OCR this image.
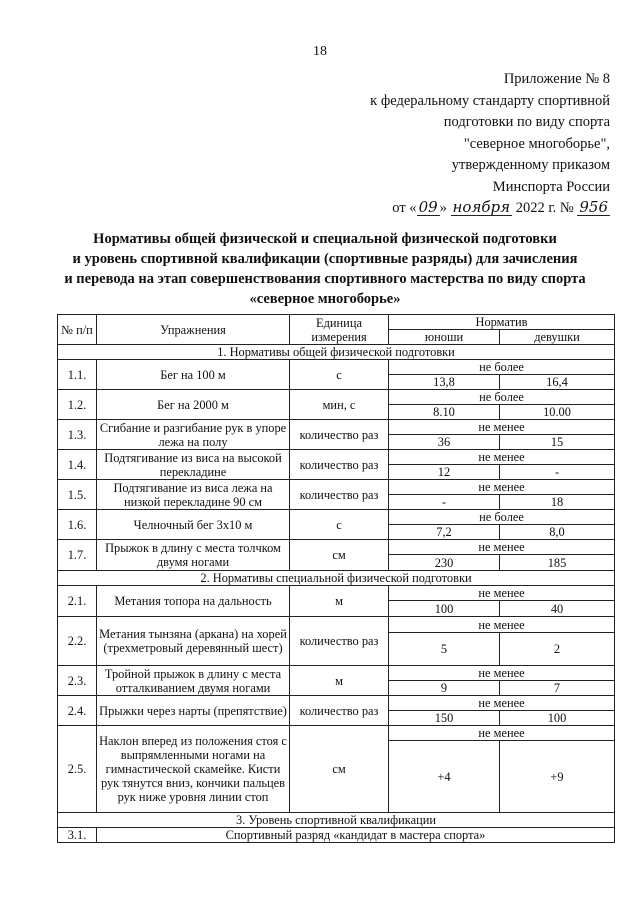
18
Приложение № 8
к федеральному стандарту спортивной
подготовки по виду спорта
"северное многоборье",
утвержденному приказом
Минспорта России
от « 09 » ноября 2022 г. № 956
Нормативы общей физической и специальной физической подготовки
и уровень спортивной квалификации (спортивные разряды) для зачисления
и перевода на этап совершенствования спортивного мастерства по виду спорта
«северное многоборье»
№ п/п	Упражнения	Единица измерения	Норматив	
			юноши	девушки
1. Нормативы общей физической подготовки				
1.1.	Бег на 100 м	с	не более	
			13,8	16,4
1.2.	Бег на 2000 м	мин, с	не более	
			8.10	10.00
1.3.	Сгибание и разгибание рук в упоре лежа на полу	количество раз	не менее	
			36	15
1.4.	Подтягивание из виса на высокой перекладине	количество раз	не менее	
			12	-
1.5.	Подтягивание из виса лежа на низкой перекладине 90 см	количество раз	не менее	
			-	18
1.6.	Челночный бег 3x10 м	с	не более	
			7,2	8,0
1.7.	Прыжок в длину с места толчком двумя ногами	см	не менее	
			230	185
2. Нормативы специальной физической подготовки				
2.1.	Метания топора на дальность	м	не менее	
			100	40
2.2.	Метания тынзяна (аркана) на хорей (трехметровый деревянный шест)	количество раз	не менее	
			5	2
2.3.	Тройной прыжок в длину с места отталкиванием двумя ногами	м	не менее	
			9	7
2.4.	Прыжки через нарты (препятствие)	количество раз	не менее	
			150	100
2.5.	Наклон вперед из положения стоя с выпрямленными ногами на гимнастической скамейке. Кисти рук тянутся вниз, кончики пальцев рук ниже уровня линии стоп	см	не менее	
			+4	+9
3. Уровень спортивной квалификации				
3.1.	Спортивный разряд «кандидат в мастера спорта»			
